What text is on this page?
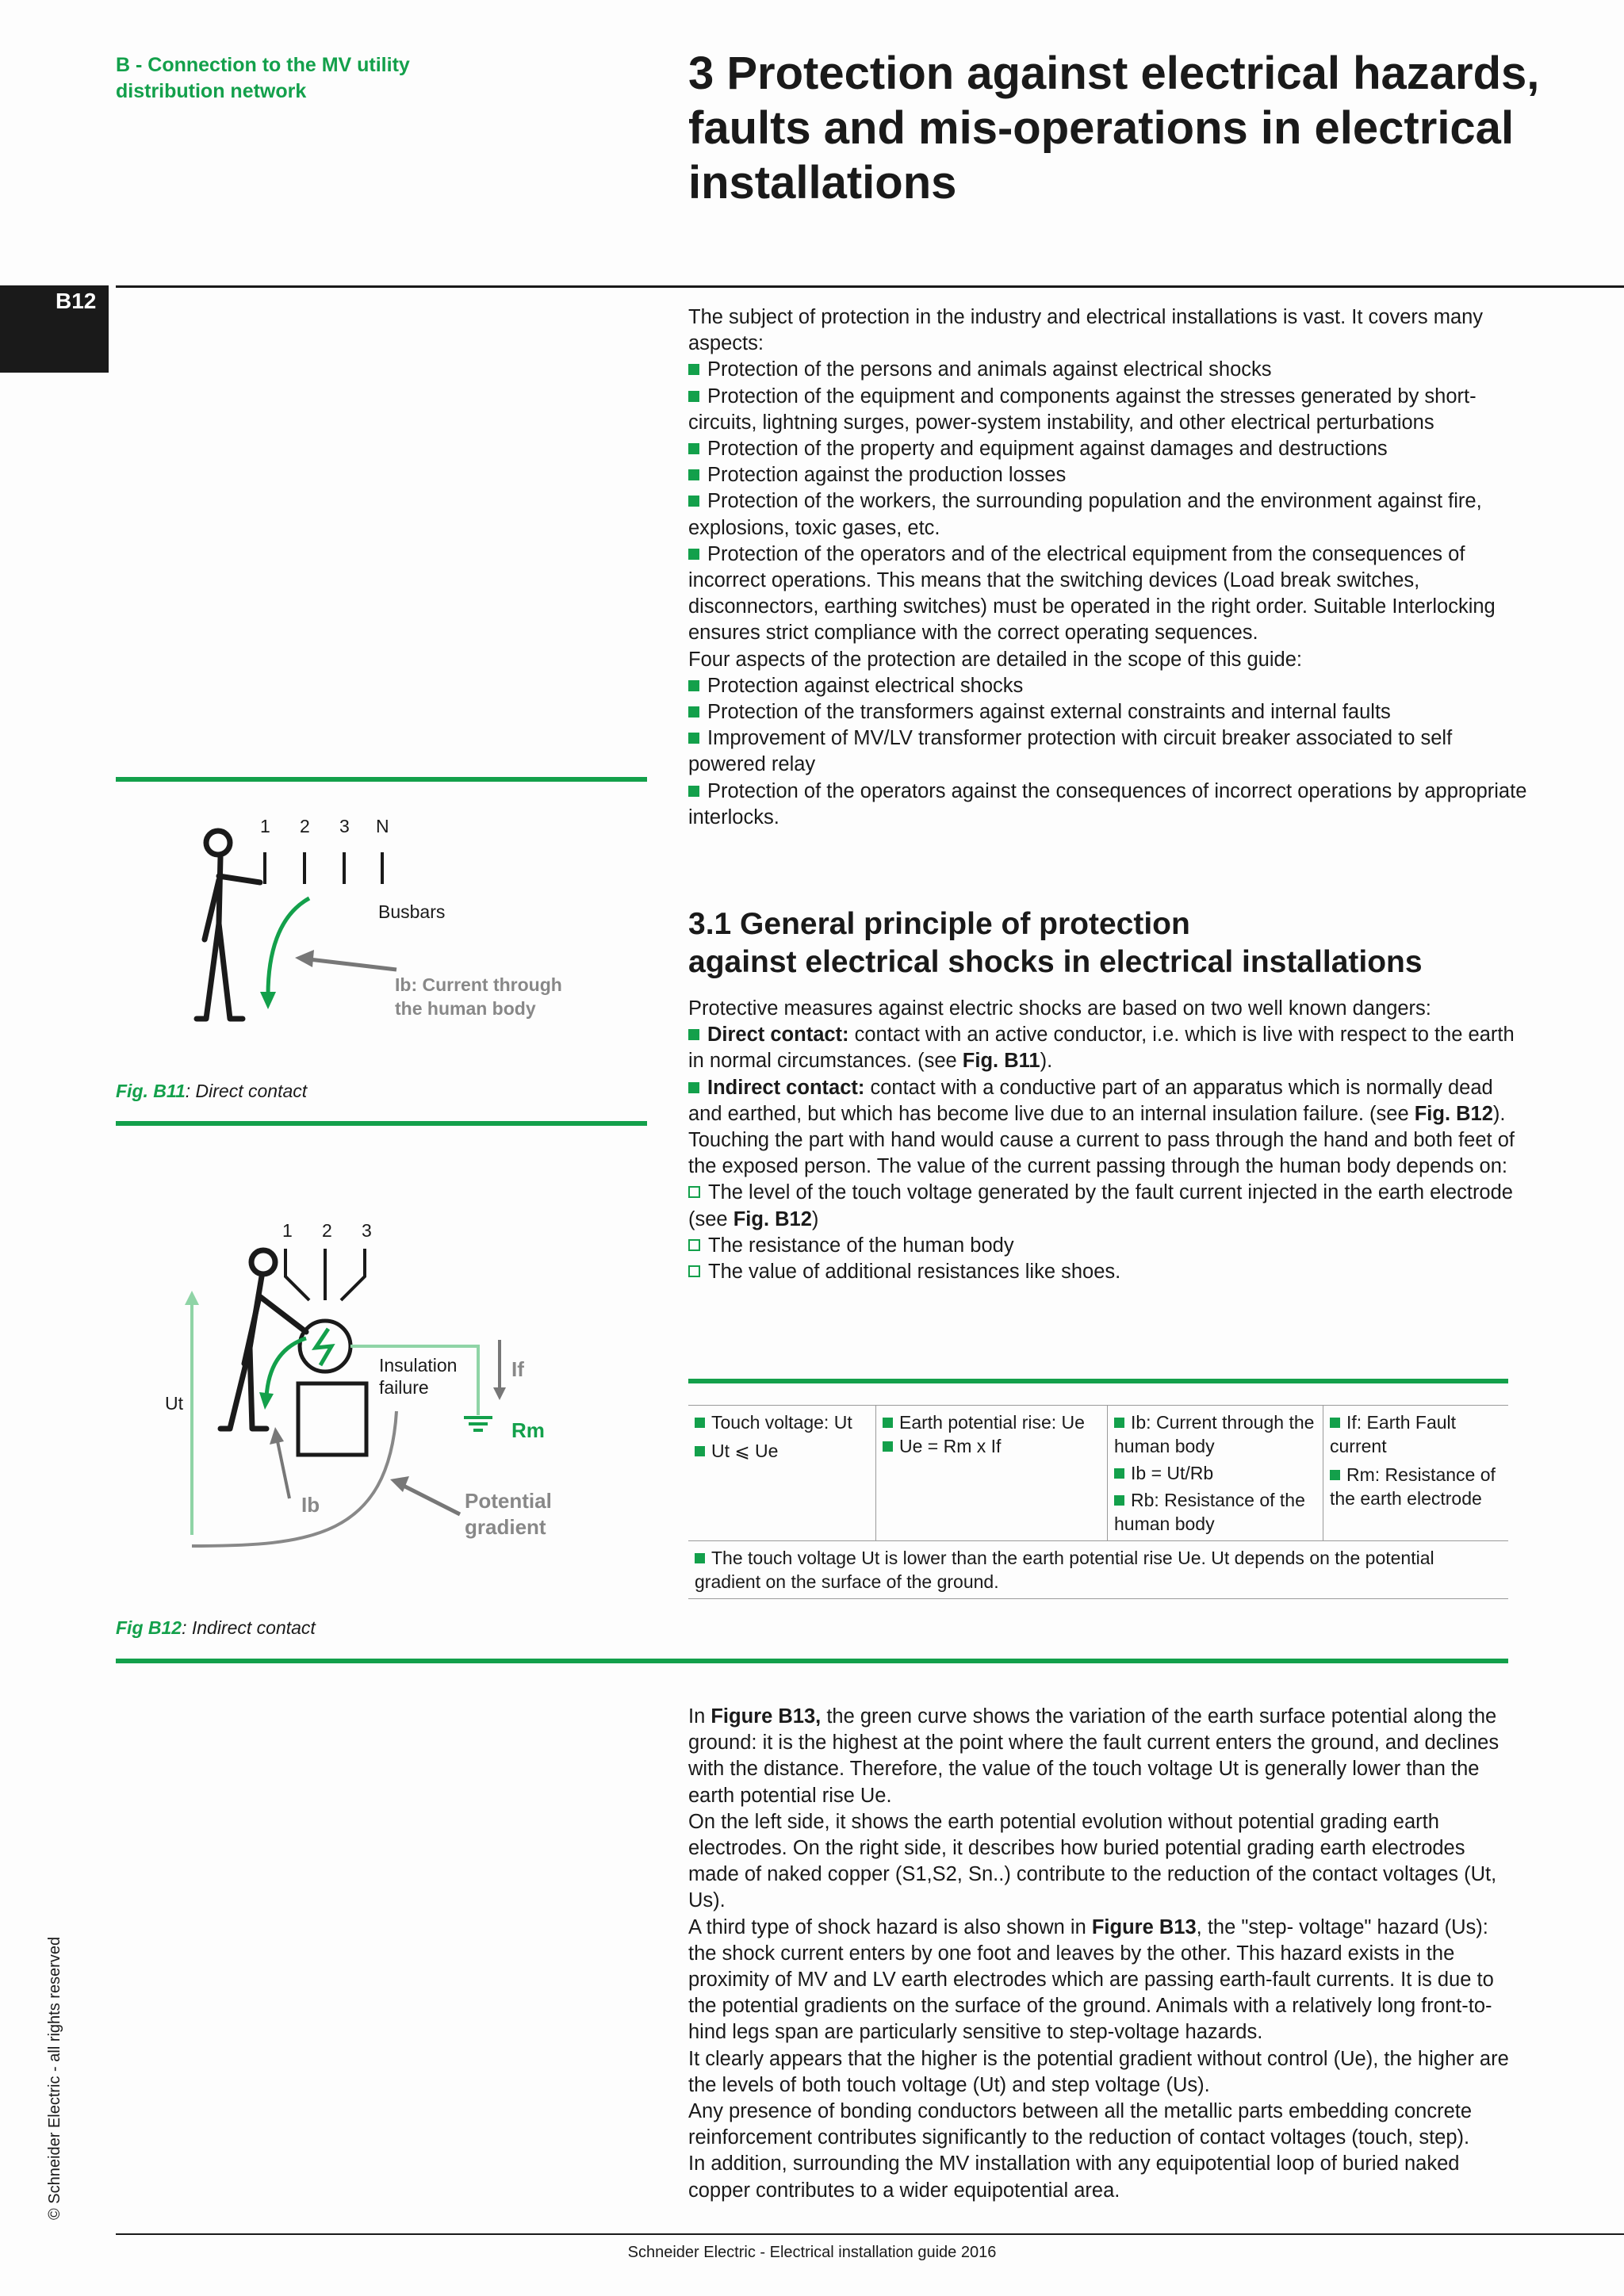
B - Connection to the MV utility distribution network	3 Protection against electrical hazards, faults and mis-operations in electrical installations
B12

The subject of protection in the industry and electrical installations is vast. It covers many aspects:

Protection of the persons and animals against electrical shocks

Protection of the equipment and components against the stresses generated by short-circuits, lightning surges, power-system instability, and other electrical perturbations

Protection of the property and equipment against damages and destructions

Protection against the production losses

Protection of the workers, the surrounding population and the environment against fire, explosions, toxic gases, etc.

Protection of the operators and of the electrical equipment from the consequences of incorrect operations. This means that the switching devices (Load break switches, disconnectors, earthing switches) must be operated in the right order. Suitable Interlocking ensures strict compliance with the correct operating sequences.

Four aspects of the protection are detailed in the scope of this guide:

Protection against electrical shocks

Protection of the transformers against external constraints and internal faults

Improvement of MV/LV transformer protection with circuit breaker associated to self powered relay

Protection of the operators against the consequences of incorrect operations by appropriate interlocks.

1 2 3 N
Busbars
Ib: Current through
the human body
Fig. B11: Direct contact
1 2 3
If
Rm
Insulation
failure
Ut
Ib	Potential
gradient
Fig B12: Indirect contact
3.1 General principle of protection
against electrical shocks in electrical installations

Protective measures against electric shocks are based on two well known dangers:

Direct contact: contact with an active conductor, i.e. which is live with respect to the earth in normal circumstances. (see Fig. B11).

Indirect contact: contact with a conductive part of an apparatus which is normally dead and earthed, but which has become live due to an internal insulation failure. (see Fig. B12).

Touching the part with hand would cause a current to pass through the hand and both feet of the exposed person. The value of the current passing through the human body depends on:

The level of the touch voltage generated by the fault current injected in the earth electrode (see Fig. B12)

The resistance of the human body

The value of additional resistances like shoes.

Touch voltage: Ut
Ut ⩽ Ue

Earth potential rise: Ue
Ue = Rm x If

Ib: Current through the human body
Ib = Ut/Rb
Rb: Resistance of the human body

If: Earth Fault current
Rm: Resistance of the earth electrode

The touch voltage Ut is lower than the earth potential rise Ue. Ut depends on the potential gradient on the surface of the ground.

In Figure B13, the green curve shows the variation of the earth surface potential along the ground: it is the highest at the point where the fault current enters the ground, and declines with the distance. Therefore, the value of the touch voltage Ut is generally lower than the earth potential rise Ue.

On the left side, it shows the earth potential evolution without potential grading earth electrodes. On the right side, it describes how buried potential grading earth electrodes made of naked copper (S1,S2, Sn..) contribute to the reduction of the contact voltages (Ut, Us).

A third type of shock hazard is also shown in Figure B13, the "step- voltage" hazard (Us): the shock current enters by one foot and leaves by the other. This hazard exists in the proximity of MV and LV earth electrodes which are passing earth-fault currents. It is due to the potential gradients on the surface of the ground. Animals with a relatively long front-to-hind legs span are particularly sensitive to step-voltage hazards.

It clearly appears that the higher is the potential gradient without control (Ue), the higher are the levels of both touch voltage (Ut) and step voltage (Us).

Any presence of bonding conductors between all the metallic parts embedding concrete reinforcement contributes significantly to the reduction of contact voltages (touch, step).

In addition, surrounding the MV installation with any equipotential loop of buried naked copper contributes to a wider equipotential area.

© Schneider Electric - all rights reserved
Schneider Electric - Electrical installation guide 2016
